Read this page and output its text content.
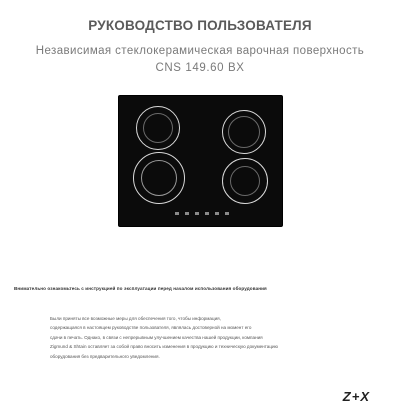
РУКОВОДСТВО ПОЛЬЗОВАТЕЛЯ
Независимая стеклокерамическая варочная поверхность
CNS 149.60 BX
Внимательно ознакомьтесь с инструкцией по эксплуатации перед началом использования оборудования
Были приняты все возможные меры для обеспечения того, чтобы информация,
содержащаяся в настоящем руководстве пользователя, являлась достоверной на момент его
сдачи в печать. Однако, в связи с непрерывным улучшением качества нашей продукции, компания
Zigmund & Shtain оставляет за собой право вносить изменения в продукцию и техническую документацию
оборудования без предварительного уведомления.
Z+X
